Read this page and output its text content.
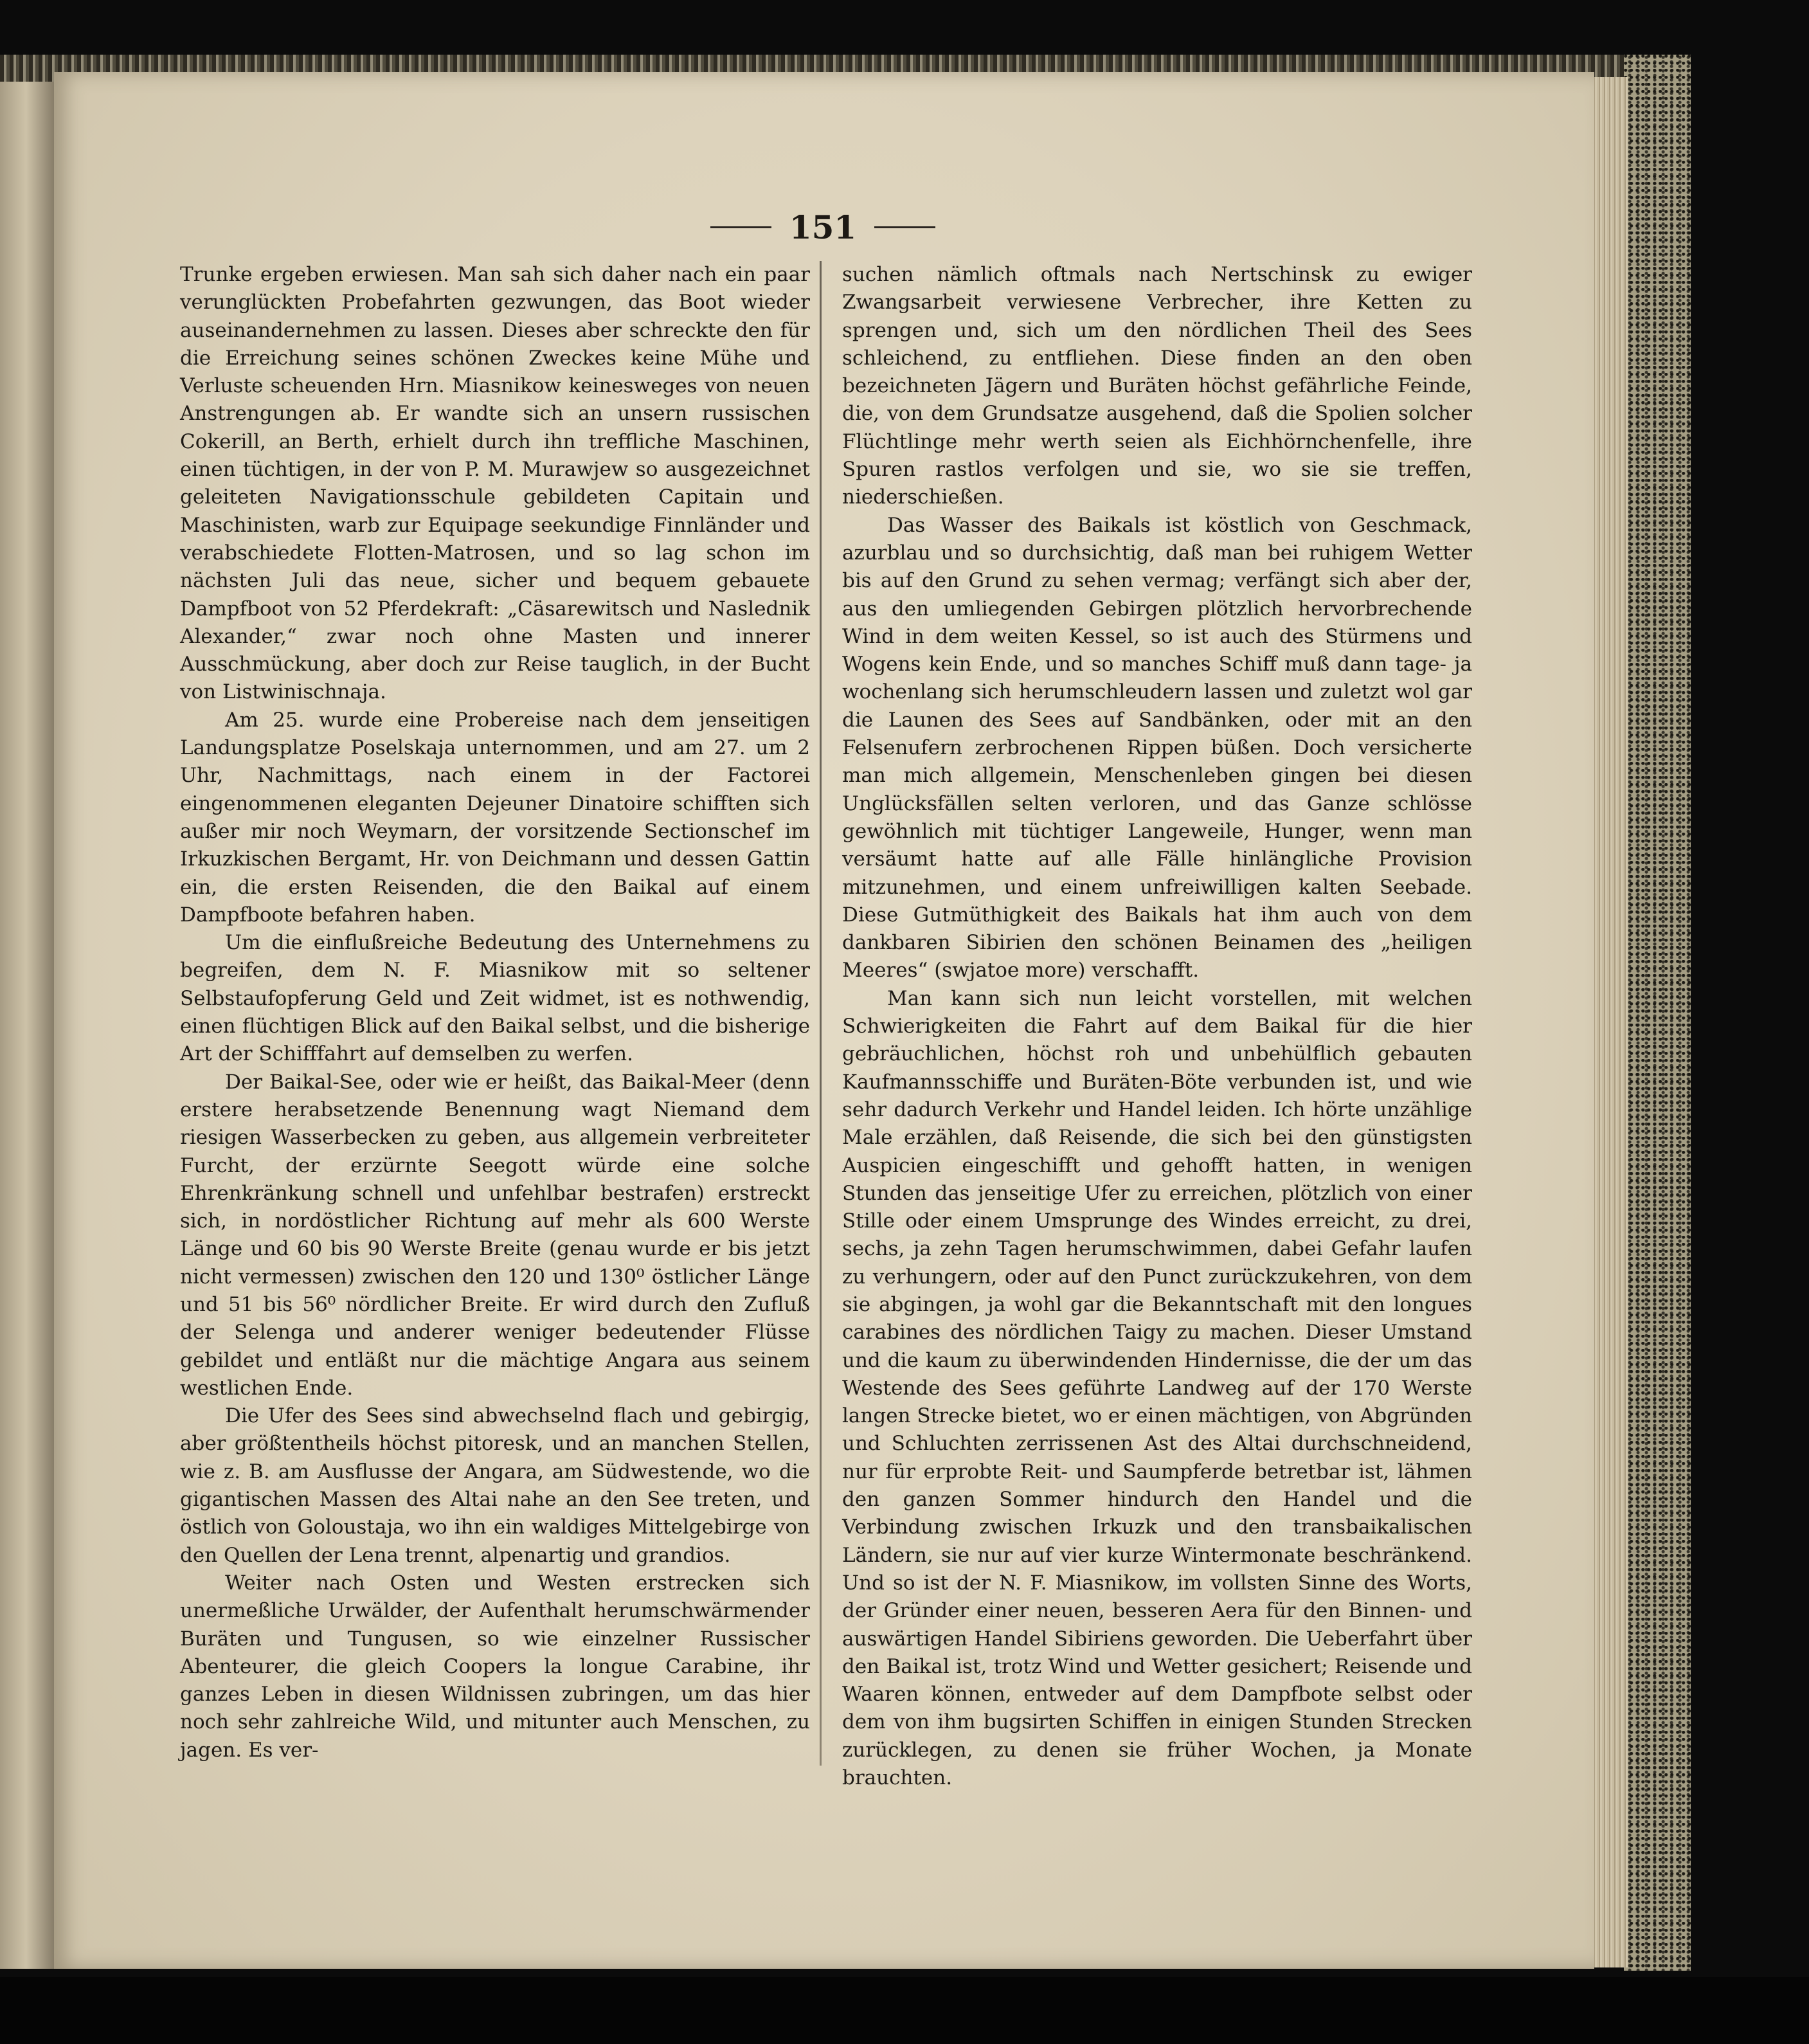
151

Trunke ergeben erwiesen. Man sah sich daher nach ein paar verunglückten Probefahrten gezwungen, das Boot wieder auseinandernehmen zu lassen. Dieses aber schreckte den für die Erreichung seines schönen Zweckes keine Mühe und Verluste scheuenden Hrn. Miasnikow keinesweges von neuen Anstrengungen ab. Er wandte sich an unsern russischen Cokerill, an Berth, erhielt durch ihn treffliche Maschinen, einen tüchtigen, in der von P. M. Murawjew so ausgezeichnet geleiteten Navigationsschule gebildeten Capitain und Maschinisten, warb zur Equipage seekundige Finnländer und verabschiedete Flotten-Matrosen, und so lag schon im nächsten Juli das neue, sicher und bequem gebauete Dampfboot von 52 Pferdekraft: „Cäsarewitsch und Naslednik Alexander,“ zwar noch ohne Masten und innerer Ausschmückung, aber doch zur Reise tauglich, in der Bucht von Listwinischnaja.

Am 25. wurde eine Probereise nach dem jenseitigen Landungsplatze Poselskaja unternommen, und am 27. um 2 Uhr, Nachmittags, nach einem in der Factorei eingenommenen eleganten Dejeuner Dinatoire schifften sich außer mir noch Weymarn, der vorsitzende Sectionschef im Irkuzkischen Bergamt, Hr. von Deichmann und dessen Gattin ein, die ersten Reisenden, die den Baikal auf einem Dampfboote befahren haben.

Um die einflußreiche Bedeutung des Unternehmens zu begreifen, dem N. F. Miasnikow mit so seltener Selbstaufopferung Geld und Zeit widmet, ist es nothwendig, einen flüchtigen Blick auf den Baikal selbst, und die bisherige Art der Schifffahrt auf demselben zu werfen.

Der Baikal-See, oder wie er heißt, das Baikal-Meer (denn erstere herabsetzende Benennung wagt Niemand dem riesigen Wasserbecken zu geben, aus allgemein verbreiteter Furcht, der erzürnte Seegott würde eine solche Ehrenkränkung schnell und unfehlbar bestrafen) erstreckt sich, in nordöstlicher Richtung auf mehr als 600 Werste Länge und 60 bis 90 Werste Breite (genau wurde er bis jetzt nicht vermessen) zwischen den 120 und 130⁰ östlicher Länge und 51 bis 56⁰ nördlicher Breite. Er wird durch den Zufluß der Selenga und anderer weniger bedeutender Flüsse gebildet und entläßt nur die mächtige Angara aus seinem westlichen Ende.

Die Ufer des Sees sind abwechselnd flach und gebirgig, aber größtentheils höchst pitoresk, und an manchen Stellen, wie z. B. am Ausflusse der Angara, am Südwestende, wo die gigantischen Massen des Altai nahe an den See treten, und östlich von Goloustaja, wo ihn ein waldiges Mittelgebirge von den Quellen der Lena trennt, alpenartig und grandios.

Weiter nach Osten und Westen erstrecken sich unermeßliche Urwälder, der Aufenthalt herumschwärmender Buräten und Tungusen, so wie einzelner Russischer Abenteurer, die gleich Coopers la longue Carabine, ihr ganzes Leben in diesen Wildnissen zubringen, um das hier noch sehr zahlreiche Wild, und mitunter auch Menschen, zu jagen. Es ver-

suchen nämlich oftmals nach Nertschinsk zu ewiger Zwangsarbeit verwiesene Verbrecher, ihre Ketten zu sprengen und, sich um den nördlichen Theil des Sees schleichend, zu entfliehen. Diese finden an den oben bezeichneten Jägern und Buräten höchst gefährliche Feinde, die, von dem Grundsatze ausgehend, daß die Spolien solcher Flüchtlinge mehr werth seien als Eichhörnchenfelle, ihre Spuren rastlos verfolgen und sie, wo sie sie treffen, niederschießen.

Das Wasser des Baikals ist köstlich von Geschmack, azurblau und so durchsichtig, daß man bei ruhigem Wetter bis auf den Grund zu sehen vermag; verfängt sich aber der, aus den umliegenden Gebirgen plötzlich hervorbrechende Wind in dem weiten Kessel, so ist auch des Stürmens und Wogens kein Ende, und so manches Schiff muß dann tage- ja wochenlang sich herumschleudern lassen und zuletzt wol gar die Launen des Sees auf Sandbänken, oder mit an den Felsenufern zerbrochenen Rippen büßen. Doch versicherte man mich allgemein, Menschenleben gingen bei diesen Unglücksfällen selten verloren, und das Ganze schlösse gewöhnlich mit tüchtiger Langeweile, Hunger, wenn man versäumt hatte auf alle Fälle hinlängliche Provision mitzunehmen, und einem unfreiwilligen kalten Seebade. Diese Gutmüthigkeit des Baikals hat ihm auch von dem dankbaren Sibirien den schönen Beinamen des „heiligen Meeres“ (swjatoe more) verschafft.

Man kann sich nun leicht vorstellen, mit welchen Schwierigkeiten die Fahrt auf dem Baikal für die hier gebräuchlichen, höchst roh und unbehülflich gebauten Kaufmannsschiffe und Buräten-Böte verbunden ist, und wie sehr dadurch Verkehr und Handel leiden. Ich hörte unzählige Male erzählen, daß Reisende, die sich bei den günstigsten Auspicien eingeschifft und gehofft hatten, in wenigen Stunden das jenseitige Ufer zu erreichen, plötzlich von einer Stille oder einem Umsprunge des Windes erreicht, zu drei, sechs, ja zehn Tagen herumschwimmen, dabei Gefahr laufen zu verhungern, oder auf den Punct zurückzukehren, von dem sie abgingen, ja wohl gar die Bekanntschaft mit den longues carabines des nördlichen Taigy zu machen. Dieser Umstand und die kaum zu überwindenden Hindernisse, die der um das Westende des Sees geführte Landweg auf der 170 Werste langen Strecke bietet, wo er einen mächtigen, von Abgründen und Schluchten zerrissenen Ast des Altai durchschneidend, nur für erprobte Reit- und Saumpferde betretbar ist, lähmen den ganzen Sommer hindurch den Handel und die Verbindung zwischen Irkuzk und den transbaikalischen Ländern, sie nur auf vier kurze Wintermonate beschränkend. Und so ist der N. F. Miasnikow, im vollsten Sinne des Worts, der Gründer einer neuen, besseren Aera für den Binnen- und auswärtigen Handel Sibiriens geworden. Die Ueberfahrt über den Baikal ist, trotz Wind und Wetter gesichert; Reisende und Waaren können, entweder auf dem Dampfbote selbst oder dem von ihm bugsirten Schiffen in einigen Stunden Strecken zurücklegen, zu denen sie früher Wochen, ja Monate brauchten.
